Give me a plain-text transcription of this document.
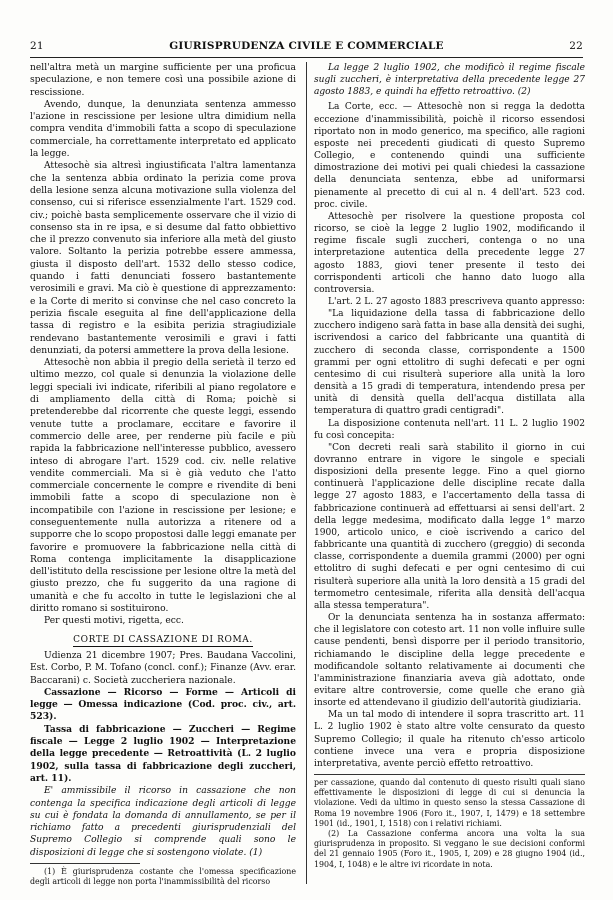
21	GIURISPRUDENZA CIVILE E COMMERCIALE	22

nell'altra metà un margine sufficiente per una proficua speculazione, e non temere così una possibile azione di rescissione.

Avendo, dunque, la denunziata sentenza ammesso l'azione in rescissione per lesione ultra dimidium nella compra vendita d'immobili fatta a scopo di speculazione commerciale, ha correttamente interpretato ed applicato la legge.

Attesochè sia altresì ingiustificata l'altra lamentanza che la sentenza abbia ordinato la perizia come prova della lesione senza alcuna motivazione sulla violenza del consenso, cui si riferisce essenzialmente l'art. 1529 cod. civ.; poichè basta semplicemente osservare che il vizio di consenso sta in re ipsa, e si desume dal fatto obbiettivo che il prezzo convenuto sia inferiore alla metà del giusto valore. Soltanto la perizia potrebbe essere ammessa, giusta il disposto dell'art. 1532 dello stesso codice, quando i fatti denunciati fossero bastantemente verosimili e gravi. Ma ciò è questione di apprezzamento: e la Corte di merito si convinse che nel caso concreto la perizia fiscale eseguita al fine dell'applicazione della tassa di registro e la esibita perizia stragiudiziale rendevano bastantemente verosimili e gravi i fatti denunziati, da potersi ammettere la prova della lesione.

Attesochè non abbia il pregio della serietà il terzo ed ultimo mezzo, col quale si denunzia la violazione delle leggi speciali ivi indicate, riferibili al piano regolatore e di ampliamento della città di Roma; poichè si pretenderebbe dal ricorrente che queste leggi, essendo venute tutte a proclamare, eccitare e favorire il commercio delle aree, per renderne più facile e più rapida la fabbricazione nell'interesse pubblico, avessero inteso di abrogare l'art. 1529 cod. civ. nelle relative vendite commerciali. Ma si è già veduto che l'atto commerciale concernente le compre e rivendite di beni immobili fatte a scopo di speculazione non è incompatibile con l'azione in rescissione per lesione; e conseguentemente nulla autorizza a ritenere od a supporre che lo scopo propostosi dalle leggi emanate per favorire e promuovere la fabbricazione nella città di Roma contenga implicitamente la disapplicazione dell'istituto della rescissione per lesione oltre la metà del giusto prezzo, che fu suggerito da una ragione di umanità e che fu accolto in tutte le legislazioni che al diritto romano si sostituirono.

Per questi motivi, rigetta, ecc.

CORTE DI CASSAZIONE DI ROMA.

Udienza 21 dicembre 1907; Pres. Baudana Vaccolini, Est. Corbo, P. M. Tofano (concl. conf.); Finanze (Avv. erar. Baccarani) c. Società zuccheriera nazionale.

Cassazione — Ricorso — Forme — Articoli di legge — Omessa indicazione (Cod. proc. civ., art. 523).

Tassa di fabbricazione — Zuccheri — Regime fiscale — Legge 2 luglio 1902 — Interpretazione della legge precedente — Retroattività (L. 2 luglio 1902, sulla tassa di fabbricazione degli zuccheri, art. 11).

E' ammissibile il ricorso in cassazione che non contenga la specifica indicazione degli articoli di legge su cui è fondata la domanda di annullamento, se per il richiamo fatto a precedenti giurisprudenziali del Supremo Collegio si comprende quali sono le disposizioni di legge che si sostengono violate. (1)

(1) È giurisprudenza costante che l'omessa specificazione degli articoli di legge non porta l'inammissibilità del ricorso

La legge 2 luglio 1902, che modificò il regime fiscale sugli zuccheri, è interpretativa della precedente legge 27 agosto 1883, e quindi ha effetto retroattivo. (2)

La Corte, ecc. — Attesochè non si regga la dedotta eccezione d'inammissibilità, poichè il ricorso essendosi riportato non in modo generico, ma specifico, alle ragioni esposte nei precedenti giudicati di questo Supremo Collegio, e contenendo quindi una sufficiente dimostrazione dei motivi pei quali chiedesi la cassazione della denunciata sentenza, ebbe ad uniformarsi pienamente al precetto di cui al n. 4 dell'art. 523 cod. proc. civile.

Attesochè per risolvere la questione proposta col ricorso, se cioè la legge 2 luglio 1902, modificando il regime fiscale sugli zuccheri, contenga o no una interpretazione autentica della precedente legge 27 agosto 1883, giovi tener presente il testo dei corrispondenti articoli che hanno dato luogo alla controversia.

L'art. 2 L. 27 agosto 1883 prescriveva quanto appresso:

"La liquidazione della tassa di fabbricazione dello zucchero indigeno sarà fatta in base alla densità dei sughi, iscrivendosi a carico del fabbricante una quantità di zucchero di seconda classe, corrispondente a 1500 grammi per ogni ettolitro di sughi defecati e per ogni centesimo di cui risulterà superiore alla unità la loro densità a 15 gradi di temperatura, intendendo presa per unità di densità quella dell'acqua distillata alla temperatura di quattro gradi centigradi".

La disposizione contenuta nell'art. 11 L. 2 luglio 1902 fu così concepita:

"Con decreti reali sarà stabilito il giorno in cui dovranno entrare in vigore le singole e speciali disposizioni della presente legge. Fino a quel giorno continuerà l'applicazione delle discipline recate dalla legge 27 agosto 1883, e l'accertamento della tassa di fabbricazione continuerà ad effettuarsi ai sensi dell'art. 2 della legge medesima, modificato dalla legge 1° marzo 1900, articolo unico, e cioè iscrivendo a carico del fabbricante una quantità di zucchero (greggio) di seconda classe, corrispondente a duemila grammi (2000) per ogni ettolitro di sughi defecati e per ogni centesimo di cui risulterà superiore alla unità la loro densità a 15 gradi del termometro centesimale, riferita alla densità dell'acqua alla stessa temperatura".

Or la denunciata sentenza ha in sostanza affermato: che il legislatore con cotesto art. 11 non volle influire sulle cause pendenti, bensì disporre per il periodo transitorio, richiamando le discipline della legge precedente e modificandole soltanto relativamente ai documenti che l'amministrazione finanziaria aveva già adottato, onde evitare altre controversie, come quelle che erano già insorte ed attendevano il giudizio dell'autorità giudiziaria.

Ma un tal modo di intendere il sopra trascritto art. 11 L. 2 luglio 1902 è stato altre volte censurato da questo Supremo Collegio; il quale ha ritenuto ch'esso articolo contiene invece una vera e propria disposizione interpretativa, avente perciò effetto retroattivo.

per cassazione, quando dal contenuto di questo risulti quali siano effettivamente le disposizioni di legge di cui si denuncia la violazione. Vedi da ultimo in questo senso la stessa Cassazione di Roma 19 novembre 1906 (Foro it., 1907, I, 1479) e 18 settembre 1901 (id., 1901, I, 1518) con i relativi richiami.

(2) La Cassazione conferma ancora una volta la sua giurisprudenza in proposito. Si veggano le sue decisioni conformi del 21 gennaio 1905 (Foro it., 1905, I, 209) e 28 giugno 1904 (id., 1904, I, 1048) e le altre ivi ricordate in nota.
